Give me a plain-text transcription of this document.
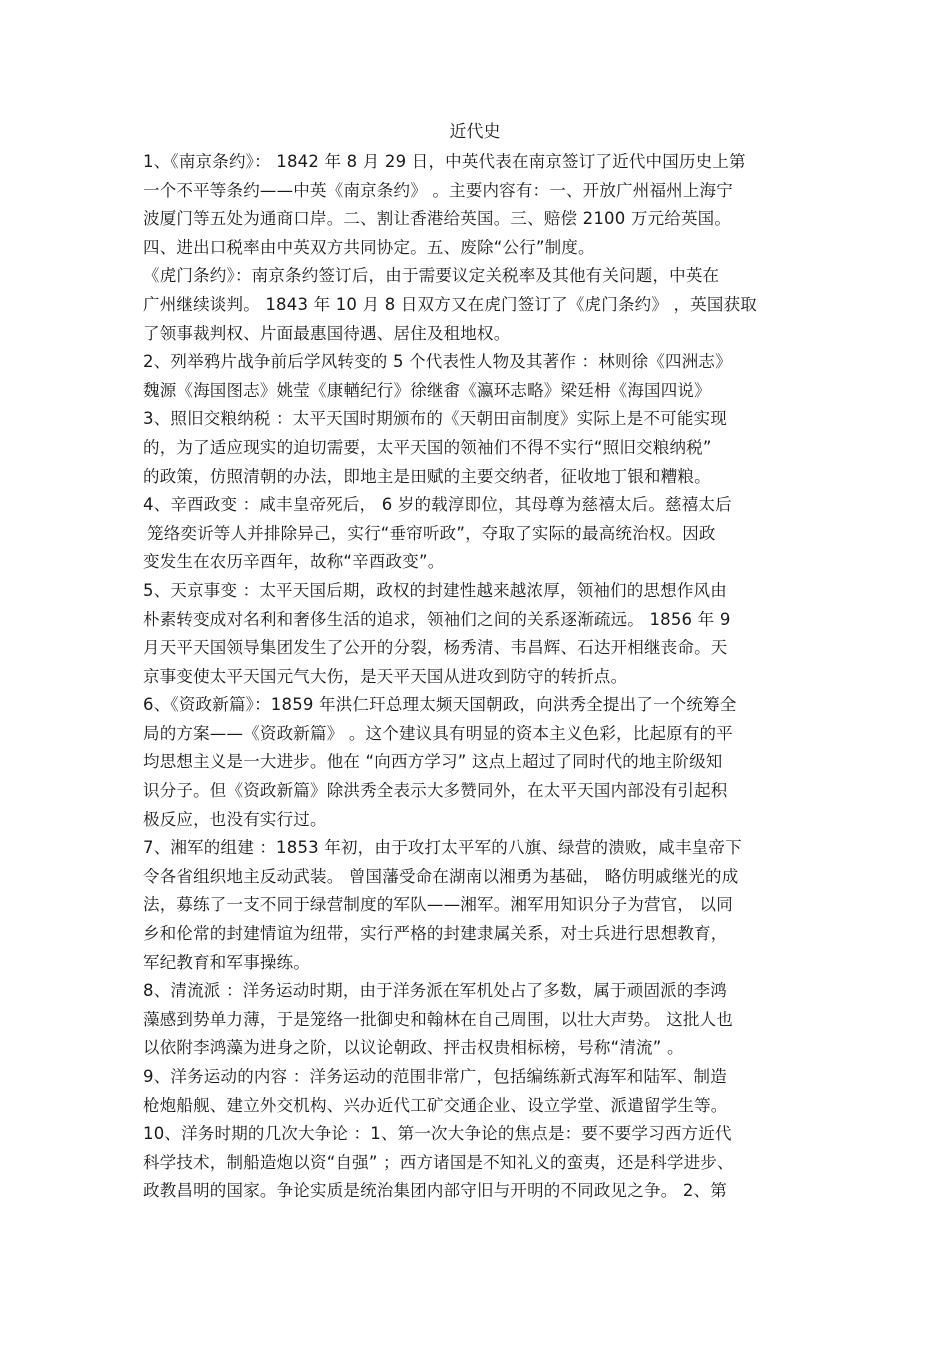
近代史
1、《南京条约》： 1842 年 8 月 29 日，中英代表在南京签订了近代中国历史上第
一个不平等条约——中英《南京条约》 。主要内容有：一、开放广州福州上海宁
波厦门等五处为通商口岸。二、割让香港给英国。三、赔偿 2100 万元给英国。
四、进出口税率由中英双方共同协定。五、废除“公行”制度。
《虎门条约》：南京条约签订后，由于需要议定关税率及其他有关问题，中英在
广州继续谈判。 1843 年 10 月 8 日双方又在虎门签订了《虎门条约》 ，英国获取
了领事裁判权、片面最惠国待遇、居住及租地权。
2、列举鸦片战争前后学风转变的 5 个代表性人物及其著作 ：林则徐《四洲志》
魏源《海国图志》姚莹《康輶纪行》徐继畬《瀛环志略》梁廷枏《海国四说》
3、照旧交粮纳税 ：太平天国时期颁布的《天朝田亩制度》实际上是不可能实现
的，为了适应现实的迫切需要，太平天国的领袖们不得不实行“照旧交粮纳税”
的政策，仿照清朝的办法，即地主是田赋的主要交纳者，征收地丁银和糟粮。
4、辛酉政变 ：咸丰皇帝死后， 6 岁的载淳即位，其母尊为慈禧太后。慈禧太后
笼络奕䜣等人并排除异己，实行“垂帘听政”，夺取了实际的最高统治权。因政
变发生在农历辛酉年，故称“辛酉政变”。
5、天京事变 ：太平天国后期，政权的封建性越来越浓厚，领袖们的思想作风由
朴素转变成对名利和奢侈生活的追求，领袖们之间的关系逐渐疏远。 1856 年 9
月天平天国领导集团发生了公开的分裂，杨秀清、韦昌辉、石达开相继丧命。天
京事变使太平天国元气大伤，是天平天国从进攻到防守的转折点。
6、《资政新篇》：1859 年洪仁玕总理太频天国朝政，向洪秀全提出了一个统筹全
局的方案——《资政新篇》 。这个建议具有明显的资本主义色彩，比起原有的平
均思想主义是一大进步。他在 “向西方学习” 这点上超过了同时代的地主阶级知
识分子。但《资政新篇》除洪秀全表示大多赞同外，在太平天国内部没有引起积
极反应，也没有实行过。
7、湘军的组建 ：1853 年初，由于攻打太平军的八旗、绿营的溃败，咸丰皇帝下
令各省组织地主反动武装。 曾国藩受命在湖南以湘勇为基础， 略仿明戚继光的成
法，募练了一支不同于绿营制度的军队——湘军。湘军用知识分子为营官， 以同
乡和伦常的封建情谊为纽带，实行严格的封建隶属关系，对士兵进行思想教育，
军纪教育和军事操练。
8、清流派 ：洋务运动时期，由于洋务派在军机处占了多数，属于顽固派的李鸿
藻感到势单力薄，于是笼络一批御史和翰林在自己周围，以壮大声势。 这批人也
以依附李鸿藻为进身之阶，以议论朝政、抨击权贵相标榜，号称“清流” 。
9、洋务运动的内容 ：洋务运动的范围非常广，包括编练新式海军和陆军、制造
枪炮船舰、建立外交机构、兴办近代工矿交通企业、设立学堂、派遣留学生等。
10、洋务时期的几次大争论 ：1、第一次大争论的焦点是：要不要学习西方近代
科学技术，制船造炮以资“自强” ；西方诸国是不知礼义的蛮夷，还是科学进步、
政教昌明的国家。争论实质是统治集团内部守旧与开明的不同政见之争。 2、第
